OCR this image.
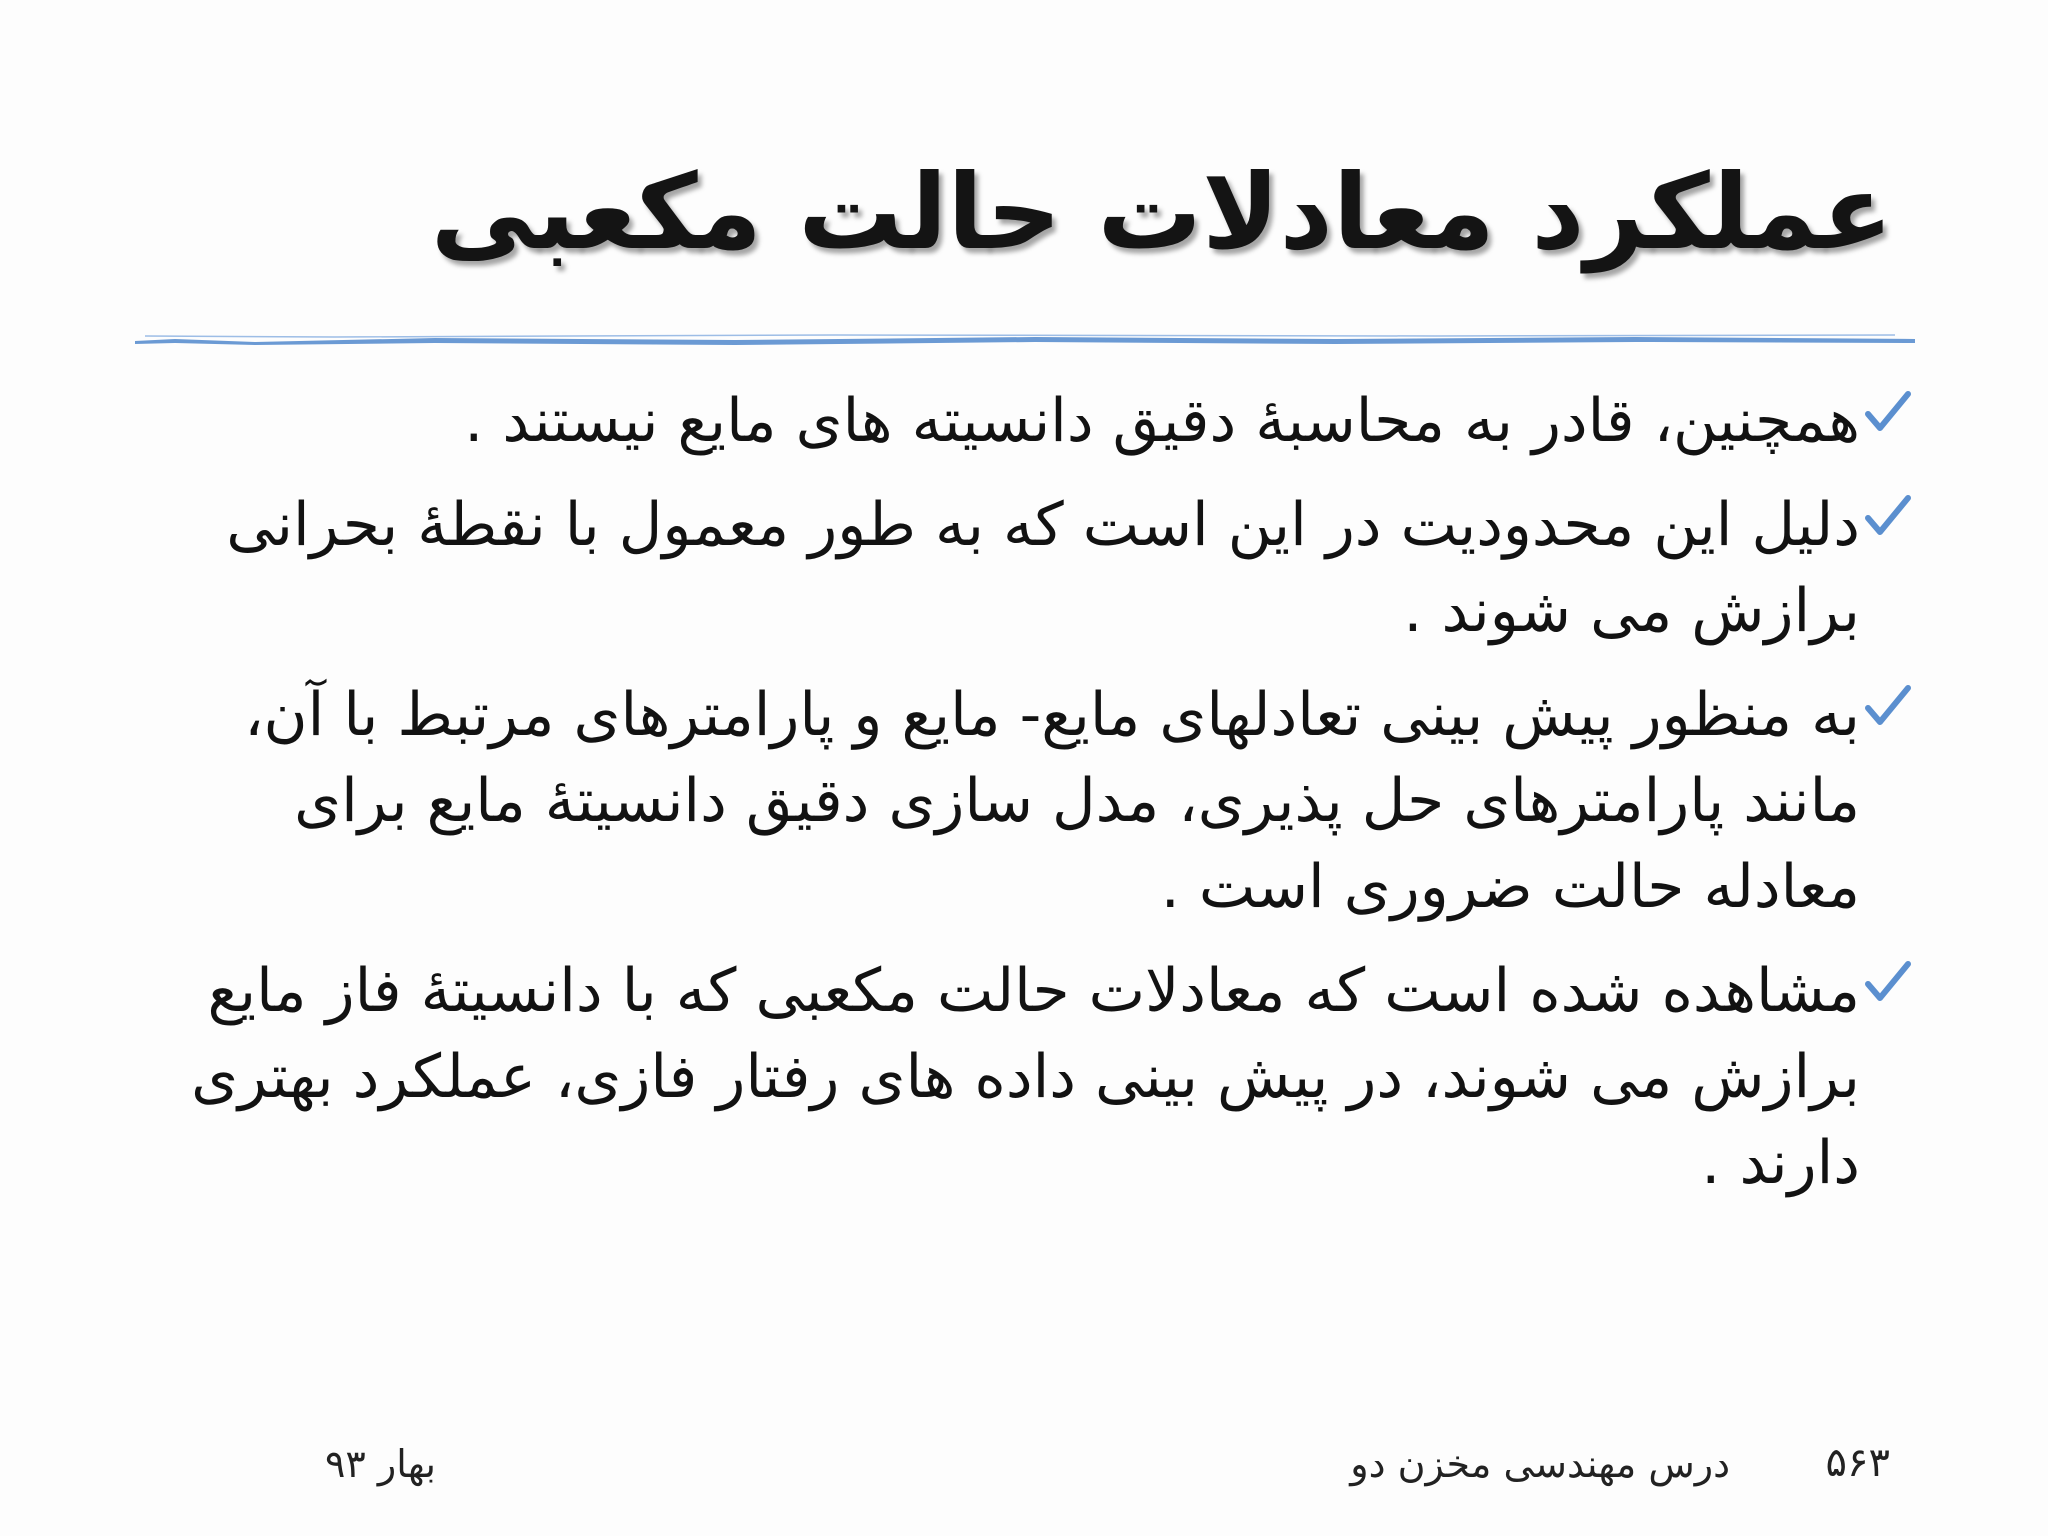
عملکرد معادلات حالت مکعبی
همچنین، قادر به محاسبۀ دقیق دانسیته های مایع نیستند .
دلیل این محدودیت در این است که به طور معمول با نقطۀ بحرانی برازش می شوند .
به منظور پیش بینی تعادلهای مایع- مایع و پارامترهای مرتبط با آن، مانند پارامترهای حل پذیری، مدل سازی دقیق دانسیتۀ مایع برای معادله حالت ضروری است .
مشاهده شده است که معادلات حالت مکعبی که با دانسیتۀ فاز مایع برازش می شوند، در پیش بینی داده های رفتار فازی، عملکرد بهتری دارند .
۵۶۳
درس مهندسی مخزن دو
بهار ۹۳
